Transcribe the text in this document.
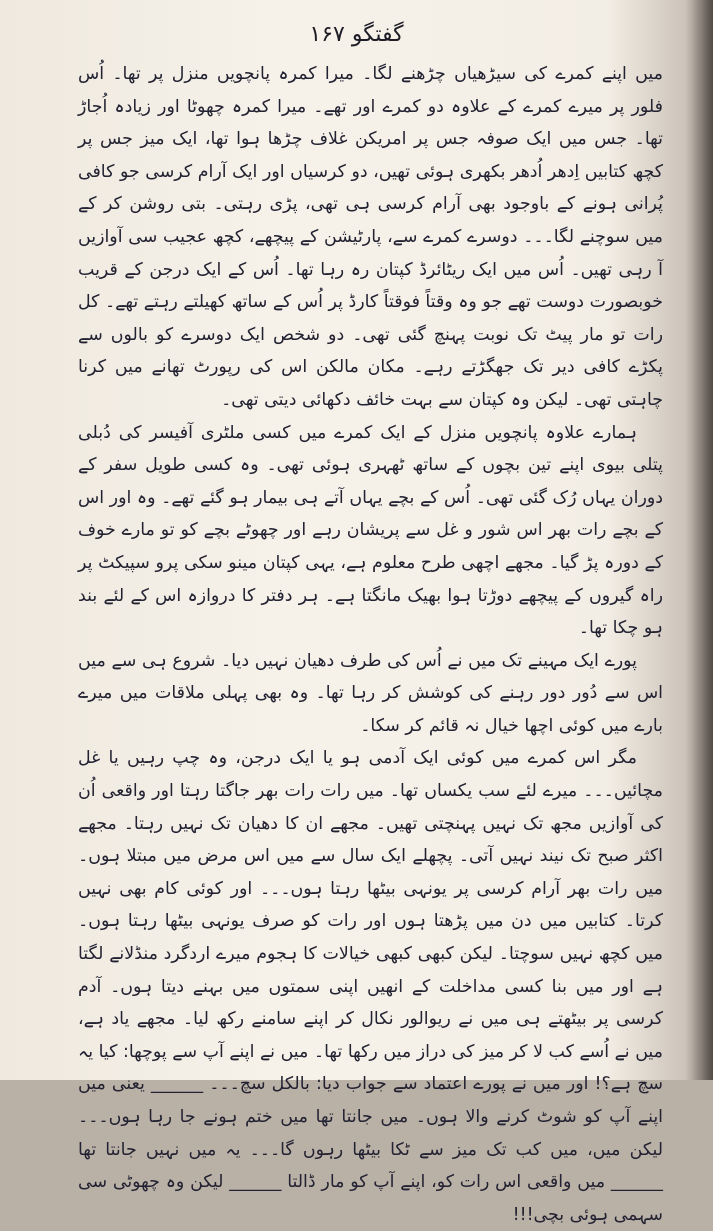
گفتگو ۱۶۷

میں اپنے کمرے کی سیڑھیاں چڑھنے لگا۔ میرا کمرہ پانچویں منزل پر تھا۔ اُس فلور پر میرے کمرے کے علاوہ دو کمرے اور تھے۔ میرا کمرہ چھوٹا اور زیادہ اُجاڑ تھا۔ جس میں ایک صوفہ جس پر امریکن غلاف چڑھا ہوا تھا، ایک میز جس پر کچھ کتابیں اِدھر اُدھر بکھری ہوئی تھیں، دو کرسیاں اور ایک آرام کرسی جو کافی پُرانی ہونے کے باوجود بھی آرام کرسی ہی تھی، پڑی رہتی۔ بتی روشن کر کے میں سوچنے لگا۔۔۔ دوسرے کمرے سے، پارٹیشن کے پیچھے، کچھ عجیب سی آوازیں آ رہی تھیں۔ اُس میں ایک ریٹائرڈ کپتان رہ رہا تھا۔ اُس کے ایک درجن کے قریب خوبصورت دوست تھے جو وہ وقتاً فوقتاً کارڈ پر اُس کے ساتھ کھیلتے رہتے تھے۔ کل رات تو مار پیٹ تک نوبت پہنچ گئی تھی۔ دو شخص ایک دوسرے کو بالوں سے پکڑے کافی دیر تک جھگڑتے رہے۔ مکان مالکن اس کی رپورٹ تھانے میں کرنا چاہتی تھی۔ لیکن وہ کپتان سے بہت خائف دکھائی دیتی تھی۔

ہمارے علاوہ پانچویں منزل کے ایک کمرے میں کسی ملٹری آفیسر کی دُبلی پتلی بیوی اپنے تین بچوں کے ساتھ ٹھہری ہوئی تھی۔ وہ کسی طویل سفر کے دوران یہاں رُک گئی تھی۔ اُس کے بچے یہاں آتے ہی بیمار ہو گئے تھے۔ وہ اور اس کے بچے رات بھر اس شور و غل سے پریشان رہے اور چھوٹے بچے کو تو مارے خوف کے دورہ پڑ گیا۔ مجھے اچھی طرح معلوم ہے، یہی کپتان مینو سکی پرو سپیکٹ پر راہ گیروں کے پیچھے دوڑتا ہوا بھیک مانگتا ہے۔ ہر دفتر کا دروازہ اس کے لئے بند ہو چکا تھا۔

پورے ایک مہینے تک میں نے اُس کی طرف دھیان نہیں دیا۔ شروع ہی سے میں اس سے دُور دور رہنے کی کوشش کر رہا تھا۔ وہ بھی پہلی ملاقات میں میرے بارے میں کوئی اچھا خیال نہ قائم کر سکا۔

مگر اس کمرے میں کوئی ایک آدمی ہو یا ایک درجن، وہ چپ رہیں یا غل مچائیں۔۔۔ میرے لئے سب یکساں تھا۔ میں رات رات بھر جاگتا رہتا اور واقعی اُن کی آوازیں مجھ تک نہیں پہنچتی تھیں۔ مجھے ان کا دھیان تک نہیں رہتا۔ مجھے اکثر صبح تک نیند نہیں آتی۔ پچھلے ایک سال سے میں اس مرض میں مبتلا ہوں۔ میں رات بھر آرام کرسی پر یونہی بیٹھا رہتا ہوں۔۔۔ اور کوئی کام بھی نہیں کرتا۔ کتابیں میں دن میں پڑھتا ہوں اور رات کو صرف یونہی بیٹھا رہتا ہوں۔ میں کچھ نہیں سوچتا۔ لیکن کبھی کبھی خیالات کا ہجوم میرے اردگرد منڈلانے لگتا ہے اور میں بنا کسی مداخلت کے انھیں اپنی سمتوں میں بہنے دیتا ہوں۔ آدم کرسی پر بیٹھتے ہی میں نے ریوالور نکال کر اپنے سامنے رکھ لیا۔ مجھے یاد ہے، میں نے اُسے کب لا کر میز کی دراز میں رکھا تھا۔ میں نے اپنے آپ سے پوچھا: کیا یہ سچ ہے؟! اور میں نے پورے اعتماد سے جواب دیا: بالکل سچ۔۔۔ ______ یعنی میں اپنے آپ کو شوٹ کرنے والا ہوں۔ میں جانتا تھا میں ختم ہونے جا رہا ہوں۔۔۔ لیکن میں، میں کب تک میز سے ٹکا بیٹھا رہوں گا۔۔۔ یہ میں نہیں جانتا تھا ______ میں واقعی اس رات کو، اپنے آپ کو مار ڈالتا ______ لیکن وہ چھوٹی سی سہمی ہوئی بچی!!!
